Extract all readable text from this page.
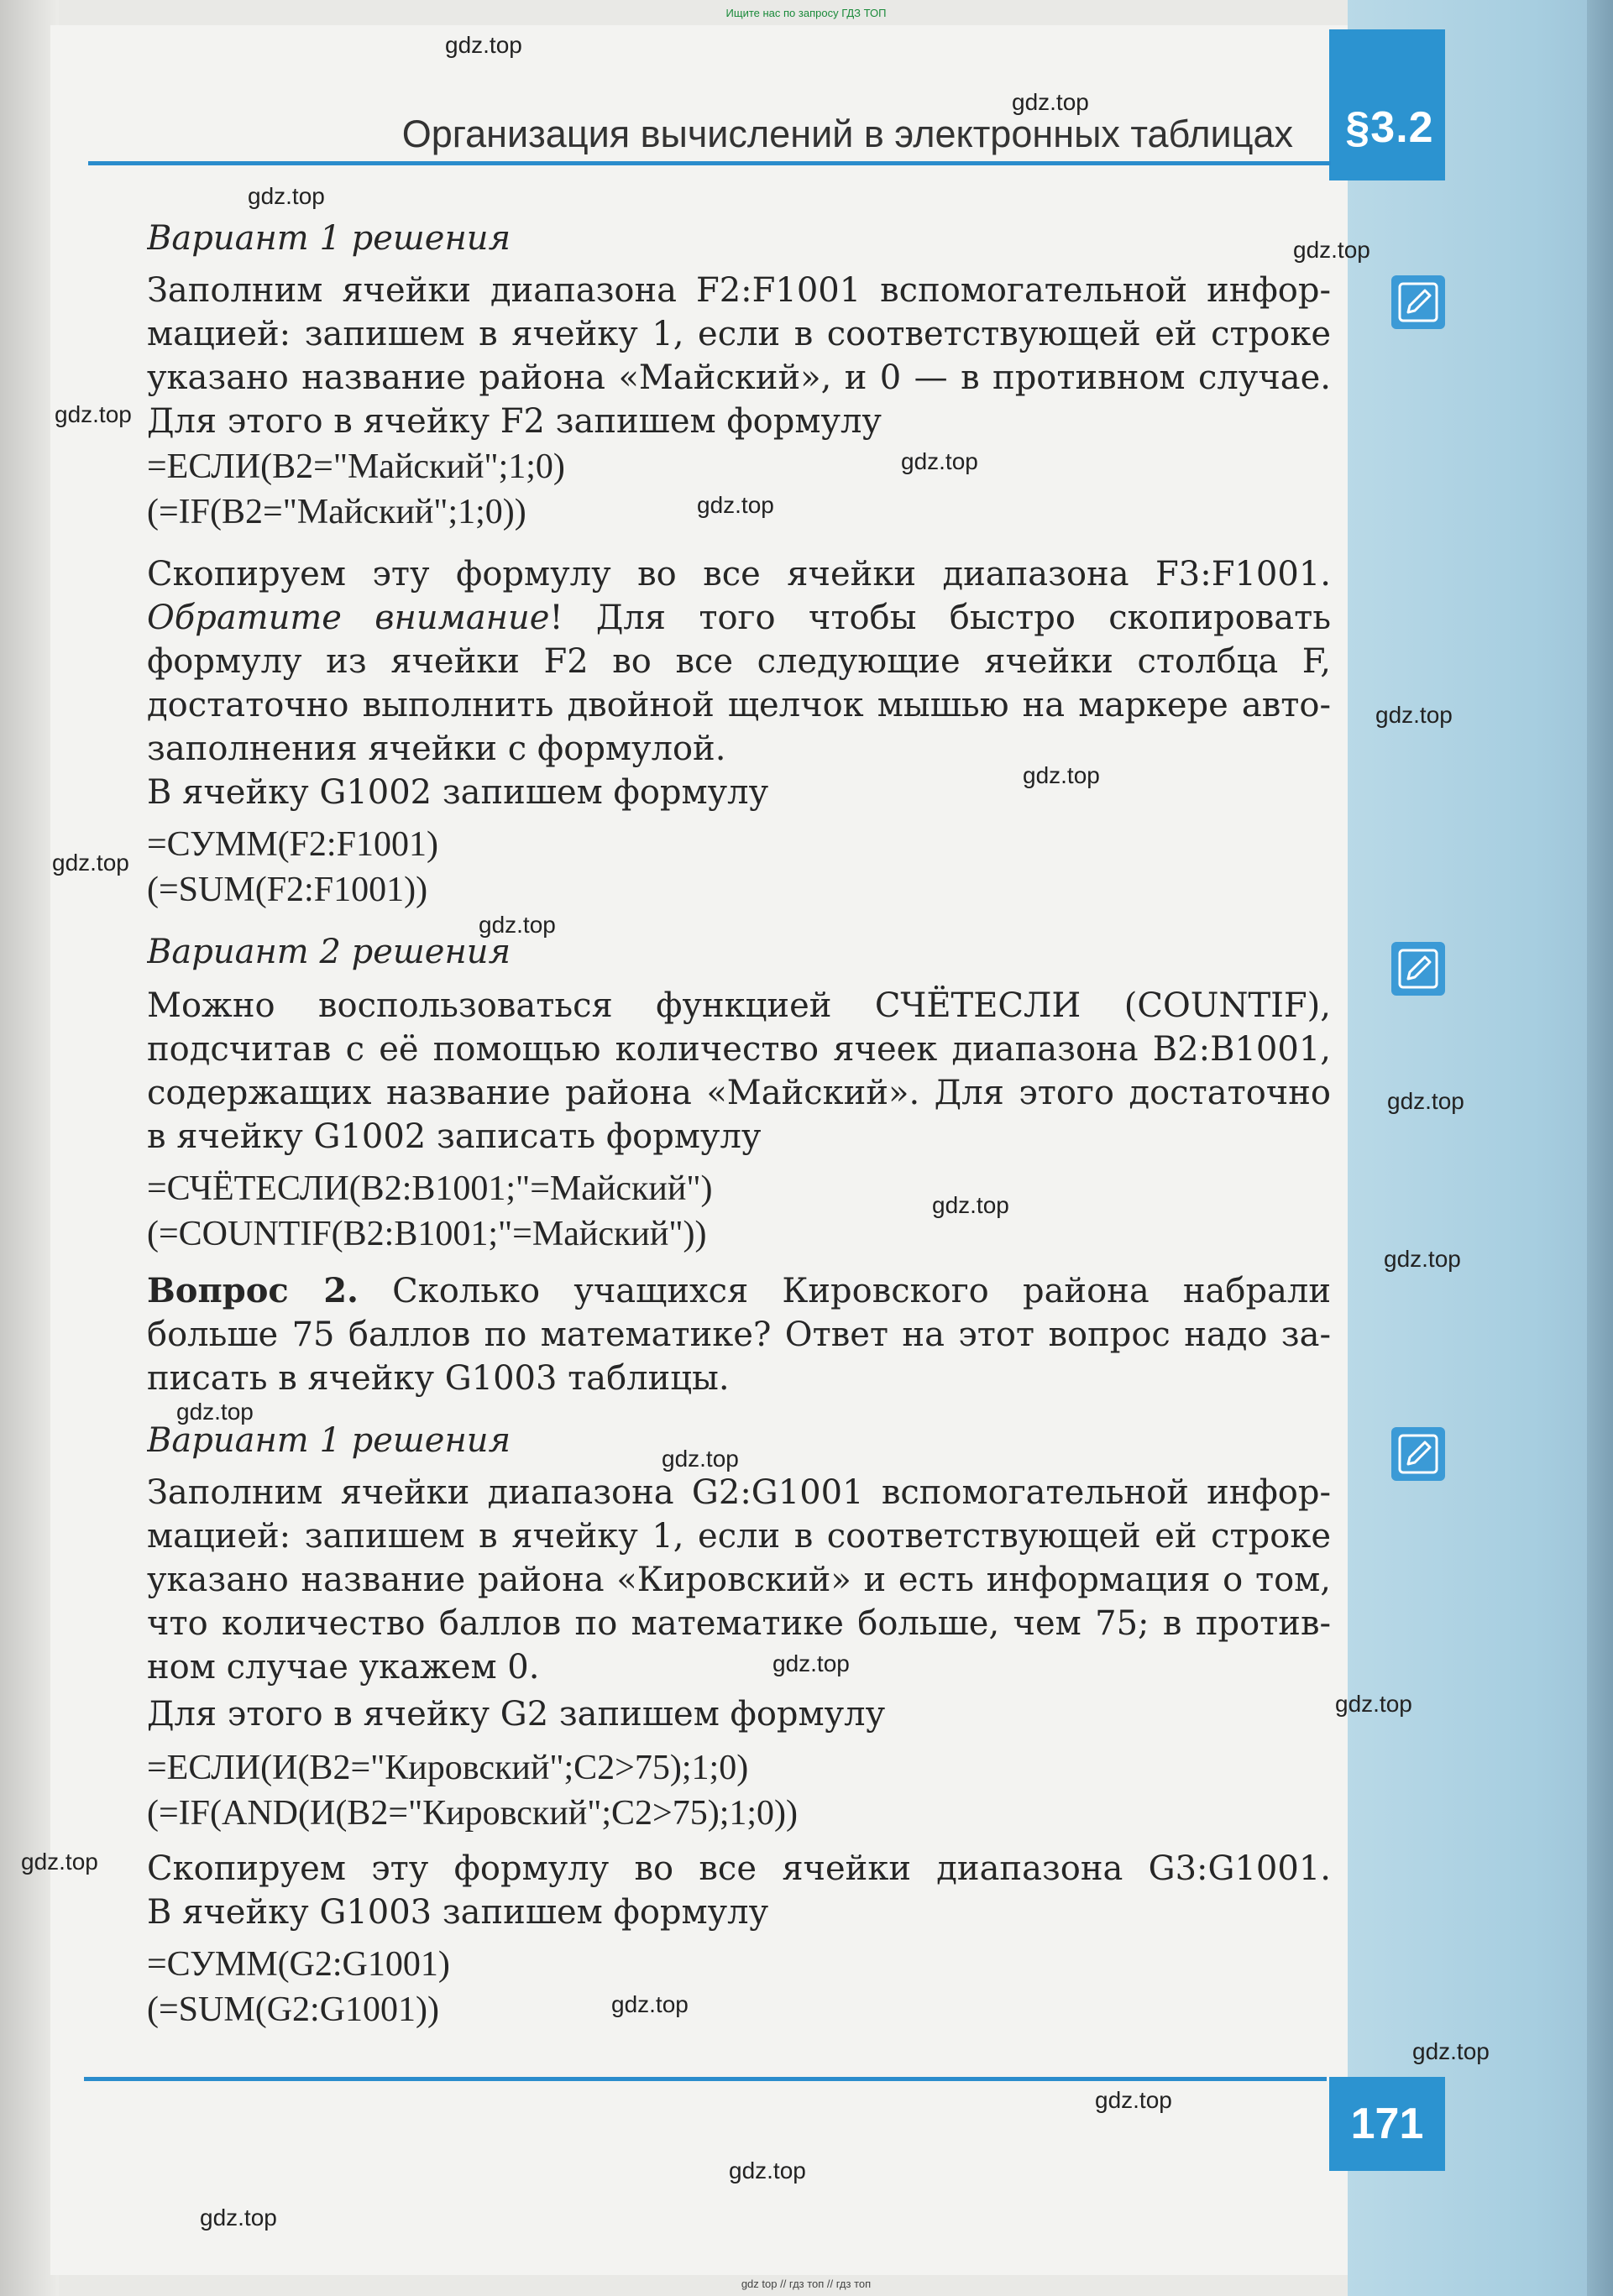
Ищите нас по запросу ГДЗ ТОП
§3.2
Организация вычислений в электронных таблицах
Вариант 1 решения
Заполним ячейки диапазона F2:F1001 вспомогательной инфор-
мацией: запишем в ячейку 1, если в соответствующей ей строке
указано название района «Майский», и 0 — в противном случае.
Для этого в ячейку F2 запишем формулу
=ЕСЛИ(B2="Майский";1;0)
(=IF(B2="Майский";1;0))
Скопируем эту формулу во все ячейки диапазона F3:F1001.
Обратите внимание! Для того чтобы быстро скопировать
формулу из ячейки F2 во все следующие ячейки столбца F,
достаточно выполнить двойной щелчок мышью на маркере авто-
заполнения ячейки с формулой.
В ячейку G1002 запишем формулу
=СУММ(F2:F1001)
(=SUM(F2:F1001))
Вариант 2 решения
Можно воспользоваться функцией СЧЁТЕСЛИ (COUNTIF),
подсчитав с её помощью количество ячеек диапазона B2:B1001,
содержащих название района «Майский». Для этого достаточно
в ячейку G1002 записать формулу
=СЧЁТЕСЛИ(B2:B1001;"=Майский")
(=COUNTIF(B2:B1001;"=Майский"))
Вопрос 2. Сколько учащихся Кировского района набрали
больше 75 баллов по математике? Ответ на этот вопрос надо за-
писать в ячейку G1003 таблицы.
Вариант 1 решения
Заполним ячейки диапазона G2:G1001 вспомогательной инфор-
мацией: запишем в ячейку 1, если в соответствующей ей строке
указано название района «Кировский» и есть информация о том,
что количество баллов по математике больше, чем 75; в против-
ном случае укажем 0.
Для этого в ячейку G2 запишем формулу
=ЕСЛИ(И(B2="Кировский";C2>75);1;0)
(=IF(AND(И(B2="Кировский";C2>75);1;0))
Скопируем эту формулу во все ячейки диапазона G3:G1001.
В ячейку G1003 запишем формулу
=СУММ(G2:G1001)
(=SUM(G2:G1001))
171
gdz top // гдз топ // гдз топ
gdz.top
gdz.top
gdz.top
gdz.top
gdz.top
gdz.top
gdz.top
gdz.top
gdz.top
gdz.top
gdz.top
gdz.top
gdz.top
gdz.top
gdz.top
gdz.top
gdz.top
gdz.top
gdz.top
gdz.top
gdz.top
gdz.top
gdz.top
gdz.top
